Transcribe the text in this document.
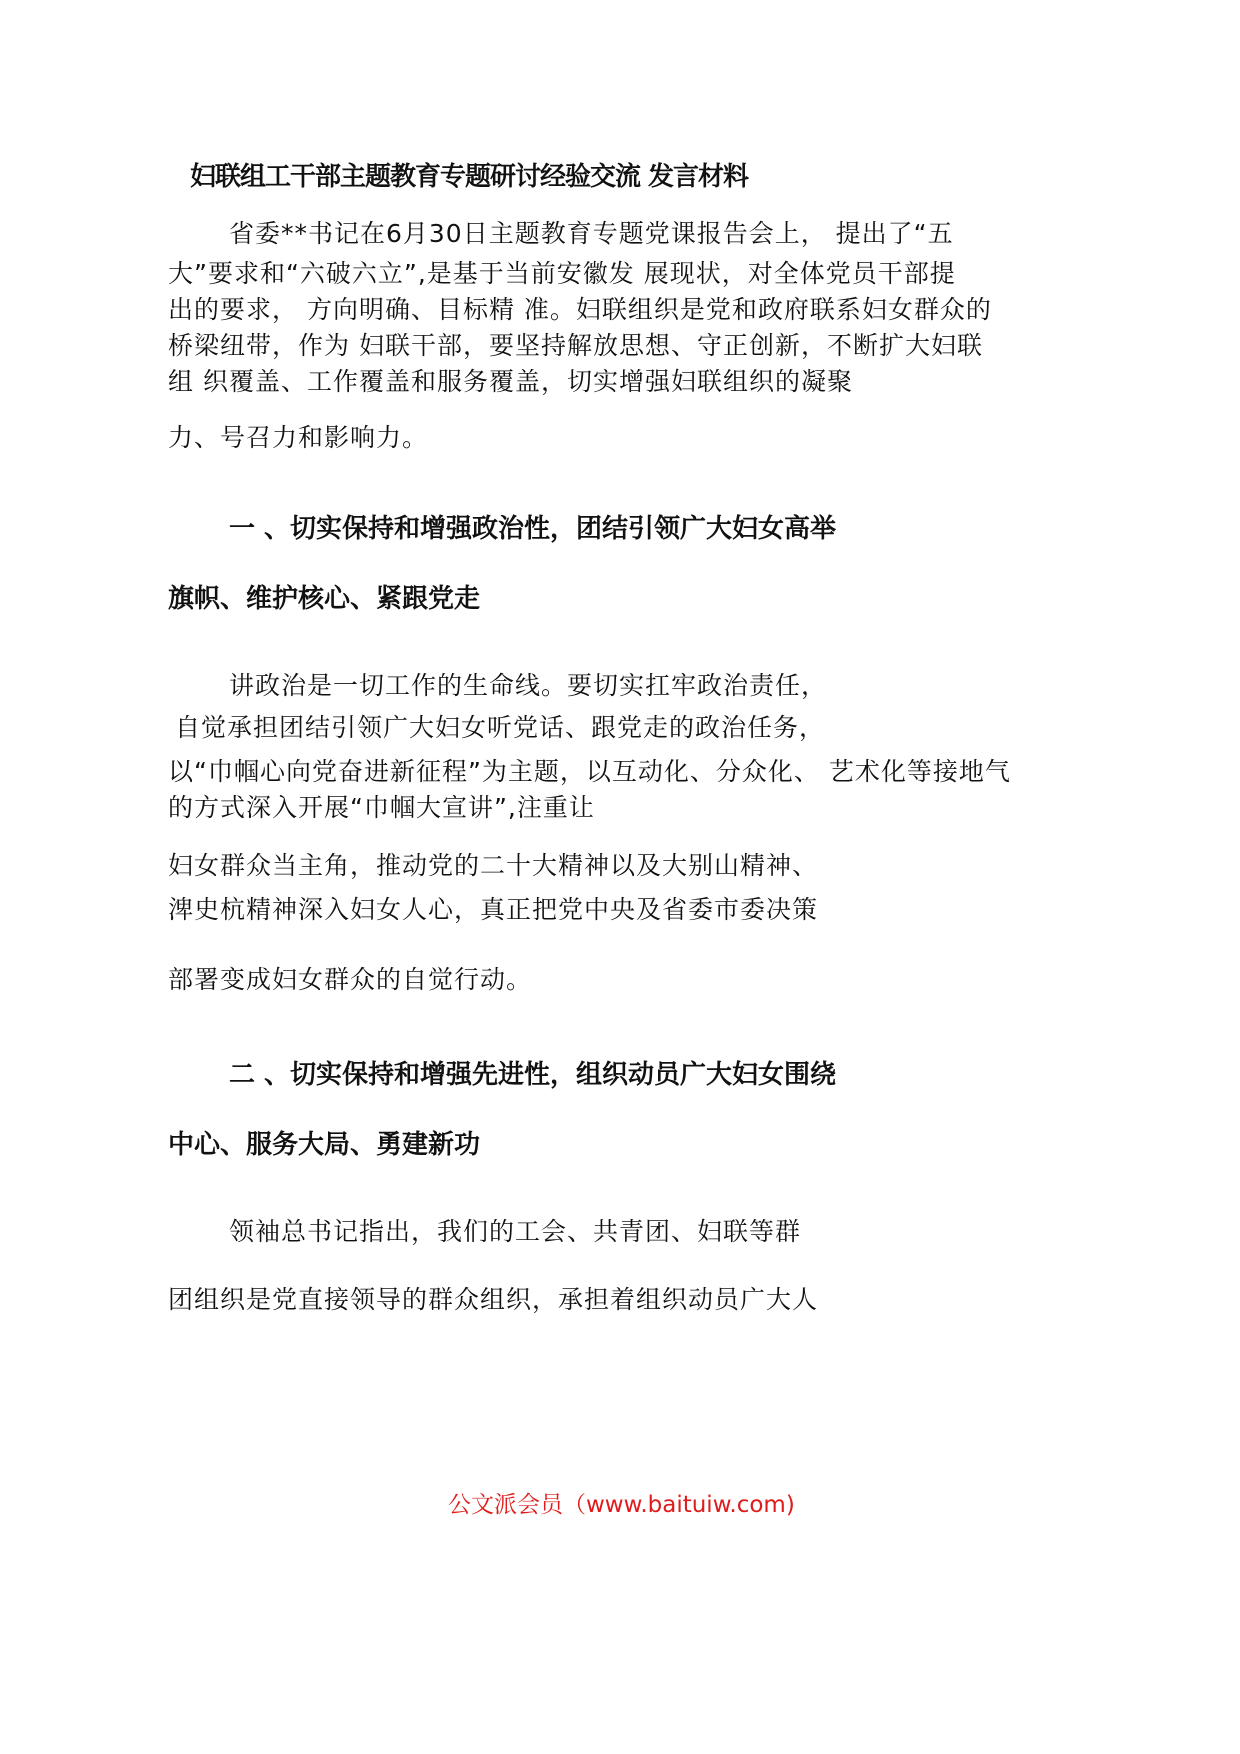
妇联组工干部主题教育专题研讨经验交流 发言材料

省委**书记在6月30日主题教育专题党课报告会上， 提出了“五

大”要求和“六破六立”,是基于当前安徽发 展现状，对全体党员干部提

出的要求， 方向明确、目标精 准。妇联组织是党和政府联系妇女群众的

桥梁纽带，作为 妇联干部，要坚持解放思想、守正创新，不断扩大妇联

组 织覆盖、工作覆盖和服务覆盖，切实增强妇联组织的凝聚

力、号召力和影响力。

一 、切实保持和增强政治性，团结引领广大妇女高举

旗帜、维护核心、紧跟党走

讲政治是一切工作的生命线。要切实扛牢政治责任，

自觉承担团结引领广大妇女听党话、跟党走的政治任务，

以“巾帼心向党奋进新征程”为主题，以互动化、分众化、 艺术化等接地气

的方式深入开展“巾帼大宣讲”,注重让

妇女群众当主角，推动党的二十大精神以及大别山精神、

渒史杭精神深入妇女人心，真正把党中央及省委市委决策

部署变成妇女群众的自觉行动。

二 、切实保持和增强先进性，组织动员广大妇女围绕

中心、服务大局、勇建新功

领袖总书记指出，我们的工会、共青团、妇联等群

团组织是党直接领导的群众组织，承担着组织动员广大人

公文派会员（www.baituiw.com)
